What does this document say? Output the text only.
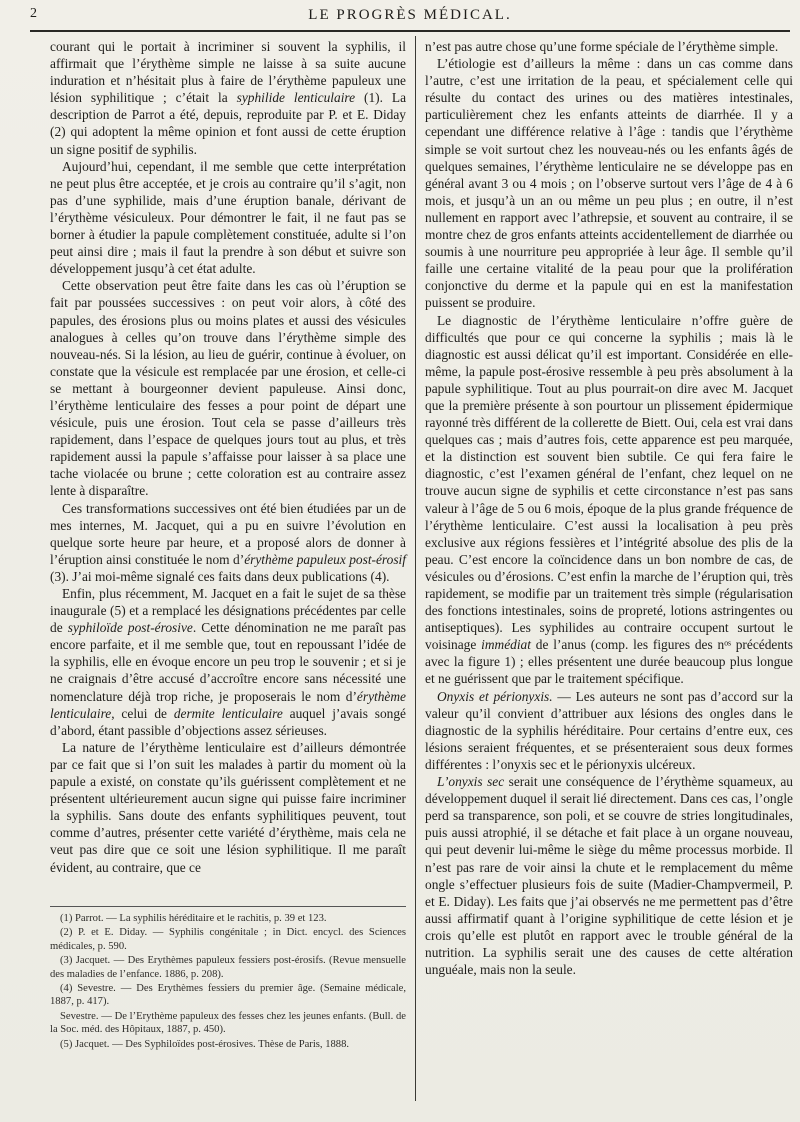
2	LE PROGRÈS MÉDICAL.

courant qui le portait à incriminer si souvent la syphilis, il affirmait que l’érythème simple ne laisse à sa suite aucune induration et n’hésitait plus à faire de l’érythème papuleux une lésion syphilitique ; c’était la syphilide lenticulaire (1). La description de Parrot a été, depuis, reproduite par P. et E. Diday (2) qui adoptent la même opinion et font aussi de cette éruption un signe positif de syphilis.

Aujourd’hui, cependant, il me semble que cette interprétation ne peut plus être acceptée, et je crois au contraire qu’il s’agit, non pas d’une syphilide, mais d’une éruption banale, dérivant de l’érythème vésiculeux. Pour démontrer le fait, il ne faut pas se borner à étudier la papule complètement constituée, adulte si l’on peut ainsi dire ; mais il faut la prendre à son début et suivre son développement jusqu’à cet état adulte.

Cette observation peut être faite dans les cas où l’éruption se fait par poussées successives : on peut voir alors, à côté des papules, des érosions plus ou moins plates et aussi des vésicules analogues à celles qu’on trouve dans l’érythème simple des nouveau-nés. Si la lésion, au lieu de guérir, continue à évoluer, on constate que la vésicule est remplacée par une érosion, et celle-ci se mettant à bourgeonner devient papuleuse. Ainsi donc, l’érythème lenticulaire des fesses a pour point de départ une vésicule, puis une érosion. Tout cela se passe d’ailleurs très rapidement, dans l’espace de quelques jours tout au plus, et très rapidement aussi la papule s’affaisse pour laisser à sa place une tache violacée ou brune ; cette coloration est au contraire assez lente à disparaître.

Ces transformations successives ont été bien étudiées par un de mes internes, M. Jacquet, qui a pu en suivre l’évolution en quelque sorte heure par heure, et a proposé alors de donner à l’éruption ainsi constituée le nom d’érythème papuleux post-érosif (3). J’ai moi-même signalé ces faits dans deux publications (4).

Enfin, plus récemment, M. Jacquet en a fait le sujet de sa thèse inaugurale (5) et a remplacé les désignations précédentes par celle de syphiloïde post-érosive. Cette dénomination ne me paraît pas encore parfaite, et il me semble que, tout en repoussant l’idée de la syphilis, elle en évoque encore un peu trop le souvenir ; et si je ne craignais d’être accusé d’accroître encore sans nécessité une nomenclature déjà trop riche, je proposerais le nom d’érythème lenticulaire, celui de dermite lenticulaire auquel j’avais songé d’abord, étant passible d’objections assez sérieuses.

La nature de l’érythème lenticulaire est d’ailleurs démontrée par ce fait que si l’on suit les malades à partir du moment où la papule a existé, on constate qu’ils guérissent complètement et ne présentent ultérieurement aucun signe qui puisse faire incriminer la syphilis. Sans doute des enfants syphilitiques peuvent, tout comme d’autres, présenter cette variété d’érythème, mais cela ne veut pas dire que ce soit une lésion syphilitique. Il me paraît évident, au contraire, que ce

(1) Parrot. — La syphilis héréditaire et le rachitis, p. 39 et 123.

(2) P. et E. Diday. — Syphilis congénitale ; in Dict. encycl. des Sciences médicales, p. 590.

(3) Jacquet. — Des Erythèmes papuleux fessiers post-érosifs. (Revue mensuelle des maladies de l’enfance. 1886, p. 208).

(4) Sevestre. — Des Erythèmes fessiers du premier âge. (Semaine médicale, 1887, p. 417).

Sevestre. — De l’Erythème papuleux des fesses chez les jeunes enfants. (Bull. de la Soc. méd. des Hôpitaux, 1887, p. 450).

(5) Jacquet. — Des Syphiloïdes post-érosives. Thèse de Paris, 1888.

n’est pas autre chose qu’une forme spéciale de l’érythème simple.

L’étiologie est d’ailleurs la même : dans un cas comme dans l’autre, c’est une irritation de la peau, et spécialement celle qui résulte du contact des urines ou des matières intestinales, particulièrement chez les enfants atteints de diarrhée. Il y a cependant une différence relative à l’âge : tandis que l’érythème simple se voit surtout chez les nouveau-nés ou les enfants âgés de quelques semaines, l’érythème lenticulaire ne se développe pas en général avant 3 ou 4 mois ; on l’observe surtout vers l’âge de 4 à 6 mois, et jusqu’à un an ou même un peu plus ; en outre, il n’est nullement en rapport avec l’athrepsie, et souvent au contraire, il se montre chez de gros enfants atteints accidentellement de diarrhée ou soumis à une nourriture peu appropriée à leur âge. Il semble qu’il faille une certaine vitalité de la peau pour que la prolifération conjonctive du derme et la papule qui en est la manifestation puissent se produire.

Le diagnostic de l’érythème lenticulaire n’offre guère de difficultés que pour ce qui concerne la syphilis ; mais là le diagnostic est aussi délicat qu’il est important. Considérée en elle-même, la papule post-érosive ressemble à peu près absolument à la papule syphilitique. Tout au plus pourrait-on dire avec M. Jacquet que la première présente à son pourtour un plissement épidermique rayonné très différent de la collerette de Biett. Oui, cela est vrai dans quelques cas ; mais d’autres fois, cette apparence est peu marquée, et la distinction est souvent bien subtile. Ce qui fera faire le diagnostic, c’est l’examen général de l’enfant, chez lequel on ne trouve aucun signe de syphilis et cette circonstance n’est pas sans valeur à l’âge de 5 ou 6 mois, époque de la plus grande fréquence de l’érythème lenticulaire. C’est aussi la localisation à peu près exclusive aux régions fessières et l’intégrité absolue des plis de la peau. C’est encore la coïncidence dans un bon nombre de cas, de vésicules ou d’érosions. C’est enfin la marche de l’éruption qui, très rapidement, se modifie par un traitement très simple (régularisation des fonctions intestinales, soins de propreté, lotions astringentes ou antiseptiques). Les syphilides au contraire occupent surtout le voisinage immédiat de l’anus (comp. les figures des nᵒˢ précédents avec la figure 1) ; elles présentent une durée beaucoup plus longue et ne guérissent que par le traitement spécifique.

Onyxis et périonyxis. — Les auteurs ne sont pas d’accord sur la valeur qu’il convient d’attribuer aux lésions des ongles dans le diagnostic de la syphilis héréditaire. Pour certains d’entre eux, ces lésions seraient fréquentes, et se présenteraient sous deux formes différentes : l’onyxis sec et le périonyxis ulcéreux.

L’onyxis sec serait une conséquence de l’érythème squameux, au développement duquel il serait lié directement. Dans ces cas, l’ongle perd sa transparence, son poli, et se couvre de stries longitudinales, puis aussi atrophié, il se détache et fait place à un organe nouveau, qui peut devenir lui-même le siège du même processus morbide. Il n’est pas rare de voir ainsi la chute et le remplacement du même ongle s’effectuer plusieurs fois de suite (Madier-Champvermeil, P. et E. Diday). Les faits que j’ai observés ne me permettent pas d’être aussi affirmatif quant à l’origine syphilitique de cette lésion et je crois qu’elle est plutôt en rapport avec le trouble général de la nutrition. La syphilis serait une des causes de cette altération unguéale, mais non la seule.
